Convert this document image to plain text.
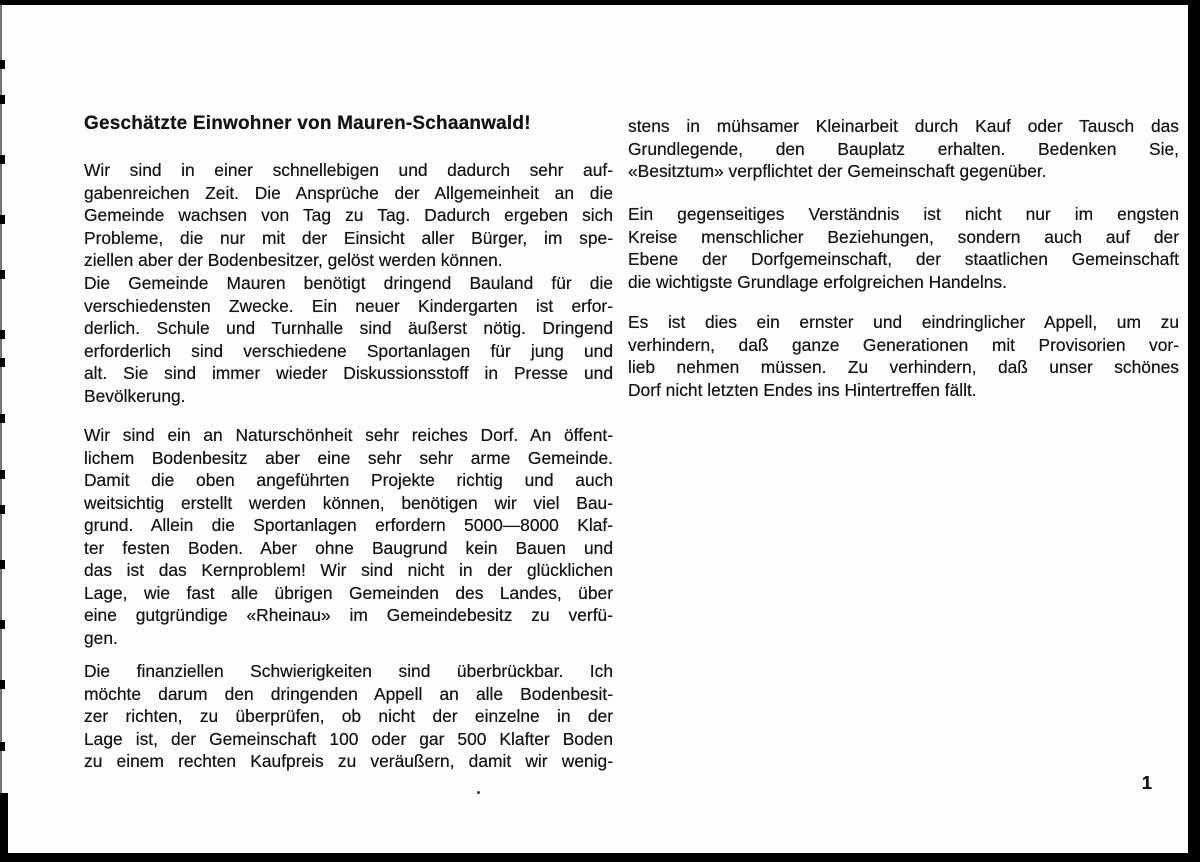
Geschätzte Einwohner von Mauren-Schaanwald!
Wir sind in einer schnellebigen und dadurch sehr auf-
gabenreichen Zeit. Die Ansprüche der Allgemeinheit an die
Gemeinde wachsen von Tag zu Tag. Dadurch ergeben sich
Probleme, die nur mit der Einsicht aller Bürger, im spe-
ziellen aber der Bodenbesitzer, gelöst werden können.
Die Gemeinde Mauren benötigt dringend Bauland für die
verschiedensten Zwecke. Ein neuer Kindergarten ist erfor-
derlich. Schule und Turnhalle sind äußerst nötig. Dringend
erforderlich sind verschiedene Sportanlagen für jung und
alt. Sie sind immer wieder Diskussionsstoff in Presse und
Bevölkerung.
Wir sind ein an Naturschönheit sehr reiches Dorf. An öffent-
lichem Bodenbesitz aber eine sehr sehr arme Gemeinde.
Damit die oben angeführten Projekte richtig und auch
weitsichtig erstellt werden können, benötigen wir viel Bau-
grund. Allein die Sportanlagen erfordern 5000—8000 Klaf-
ter festen Boden. Aber ohne Baugrund kein Bauen und
das ist das Kernproblem! Wir sind nicht in der glücklichen
Lage, wie fast alle übrigen Gemeinden des Landes, über
eine gutgründige «Rheinau» im Gemeindebesitz zu verfü-
gen.
Die finanziellen Schwierigkeiten sind überbrückbar. Ich
möchte darum den dringenden Appell an alle Bodenbesit-
zer richten, zu überprüfen, ob nicht der einzelne in der
Lage ist, der Gemeinschaft 100 oder gar 500 Klafter Boden
zu einem rechten Kaufpreis zu veräußern, damit wir wenig-
stens in mühsamer Kleinarbeit durch Kauf oder Tausch das
Grundlegende, den Bauplatz erhalten. Bedenken Sie,
«Besitztum» verpflichtet der Gemeinschaft gegenüber.
Ein gegenseitiges Verständnis ist nicht nur im engsten
Kreise menschlicher Beziehungen, sondern auch auf der
Ebene der Dorfgemeinschaft, der staatlichen Gemeinschaft
die wichtigste Grundlage erfolgreichen Handelns.
Es ist dies ein ernster und eindringlicher Appell, um zu
verhindern, daß ganze Generationen mit Provisorien vor-
lieb nehmen müssen. Zu verhindern, daß unser schönes
Dorf nicht letzten Endes ins Hintertreffen fällt.
1
